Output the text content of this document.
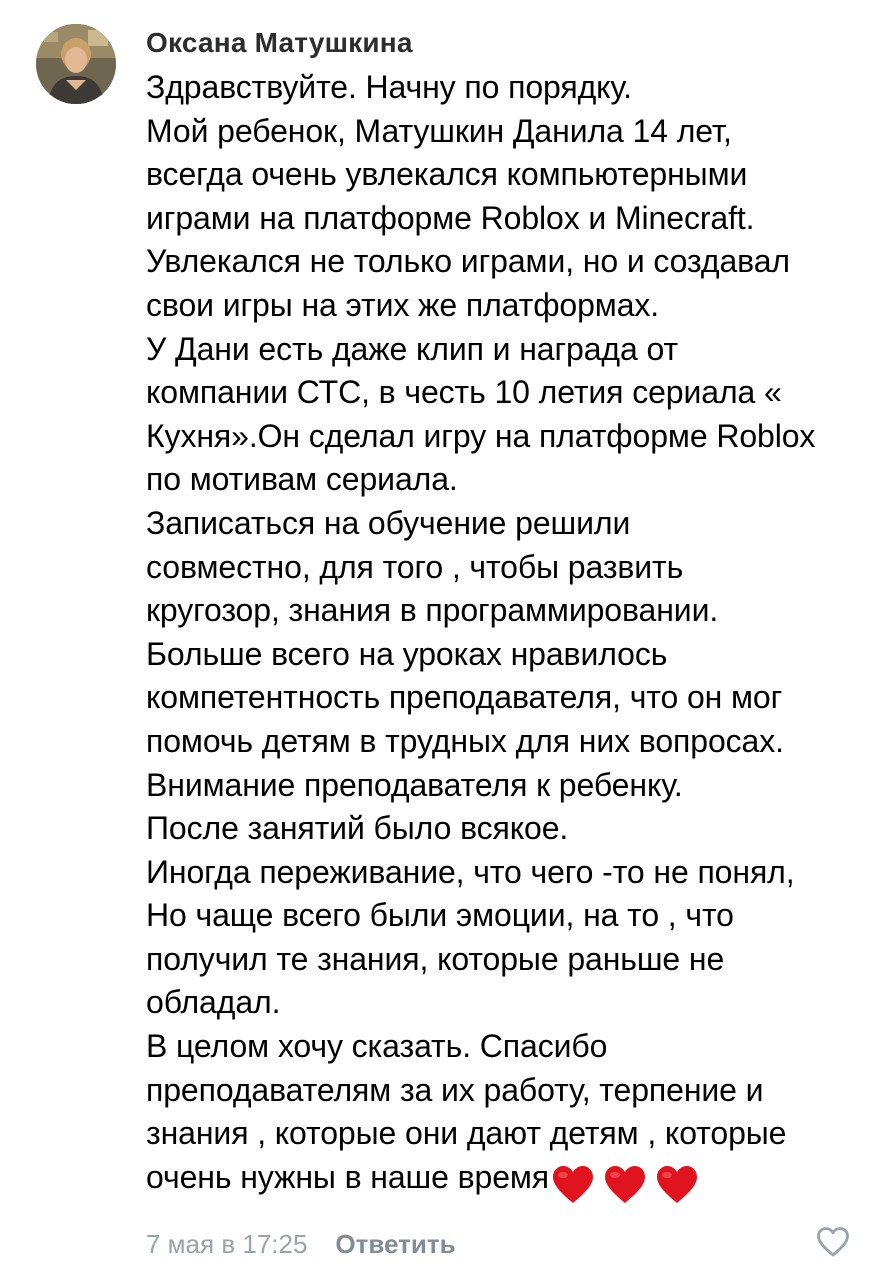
Оксана Матушкина
Здравствуйте. Начну по порядку.
Мой ребенок, Матушкин Данила 14 лет,
всегда очень увлекался компьютерными
играми на платформе Roblox и Minecraft.
Увлекался не только играми, но и создавал
свои игры на этих же платформах.
У Дани есть даже клип и награда от
компании СТС, в честь 10 летия сериала «
Кухня».Он сделал игру на платформе Roblox
по мотивам сериала.
Записаться на обучение решили
совместно, для того , чтобы развить
кругозор, знания в программировании.
Больше всего на уроках нравилось
компетентность преподавателя, что он мог
помочь детям в трудных для них вопросах.
Внимание преподавателя к ребенку.
После занятий было всякое.
Иногда переживание, что чего -то не понял,
Но чаще всего были эмоции, на то , что
получил те знания, которые раньше не
обладал.
В целом хочу сказать. Спасибо
преподавателям за их работу, терпение и
знания , которые они дают детям , которые
очень нужны в наше время
7 мая в 17:25 Ответить
